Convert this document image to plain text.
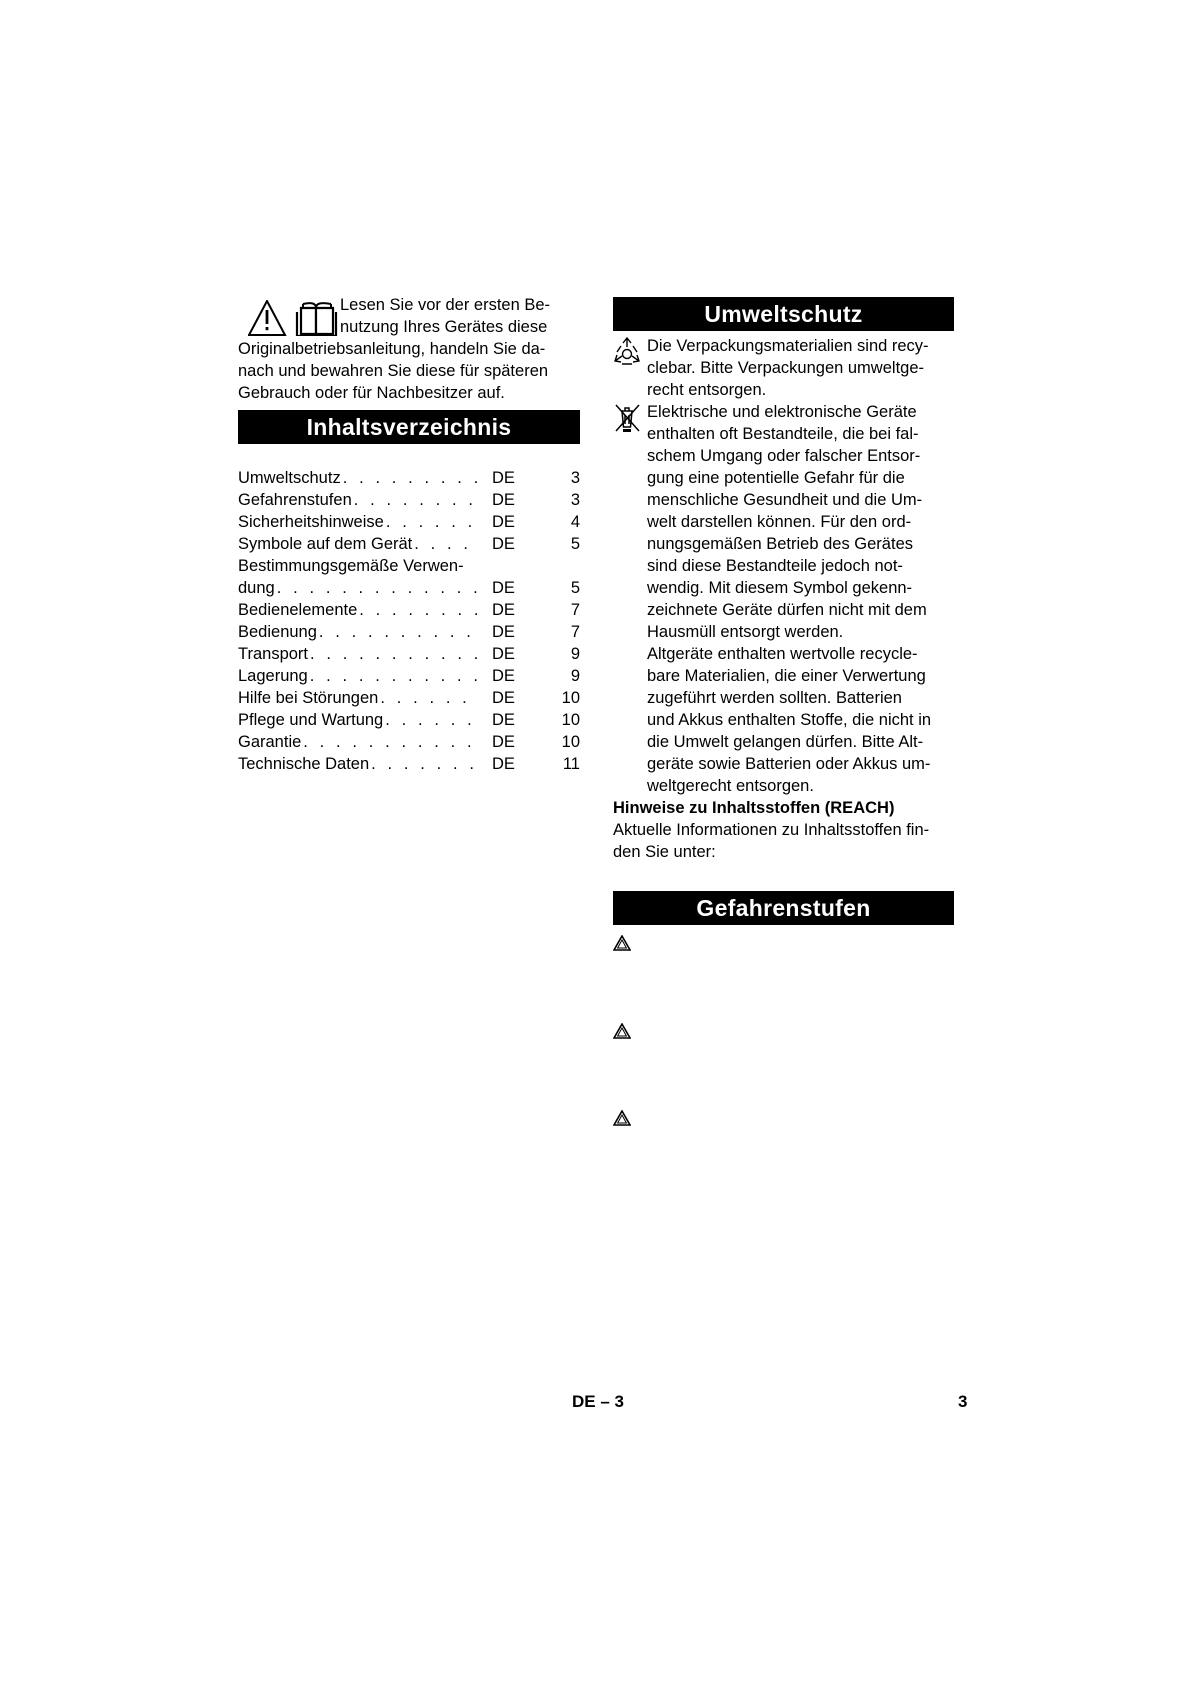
Lesen Sie vor der ersten Be-
nutzung Ihres Gerätes diese
Originalbetriebsanleitung, handeln Sie da-
nach und bewahren Sie diese für späteren
Gebrauch oder für Nachbesitzer auf.
Inhaltsverzeichnis
Umweltschutz . . .	DE	3
Gefahrenstufen . . .	DE	3
Sicherheitshinweise . . .	DE	4
Symbole auf dem Gerät . . .	DE	5
Bestimmungsgemäße Verwen-
dung . . .	DE	5
Bedienelemente . . .	DE	7
Bedienung . . .	DE	7
Transport . . .	DE	9
Lagerung . . .	DE	9
Hilfe bei Störungen . . .	DE	10
Pflege und Wartung . . .	DE	10
Garantie . . .	DE	10
Technische Daten . . .	DE	11
Umweltschutz
Die Verpackungsmaterialien sind recy-
clebar. Bitte Verpackungen umweltge-
recht entsorgen.
Elektrische und elektronische Geräte
enthalten oft Bestandteile, die bei fal-
schem Umgang oder falscher Entsor-
gung eine potentielle Gefahr für die
menschliche Gesundheit und die Um-
welt darstellen können. Für den ord-
nungsgemäßen Betrieb des Gerätes
sind diese Bestandteile jedoch not-
wendig. Mit diesem Symbol gekenn-
zeichnete Geräte dürfen nicht mit dem
Hausmüll entsorgt werden.
Altgeräte enthalten wertvolle recycle-
bare Materialien, die einer Verwertung
zugeführt werden sollten. Batterien
und Akkus enthalten Stoffe, die nicht in
die Umwelt gelangen dürfen. Bitte Alt-
geräte sowie Batterien oder Akkus um-
weltgerecht entsorgen.
Hinweise zu Inhaltsstoffen (REACH)
Aktuelle Informationen zu Inhaltsstoffen fin-
den Sie unter:
Gefahrenstufen
DE – 3	3
